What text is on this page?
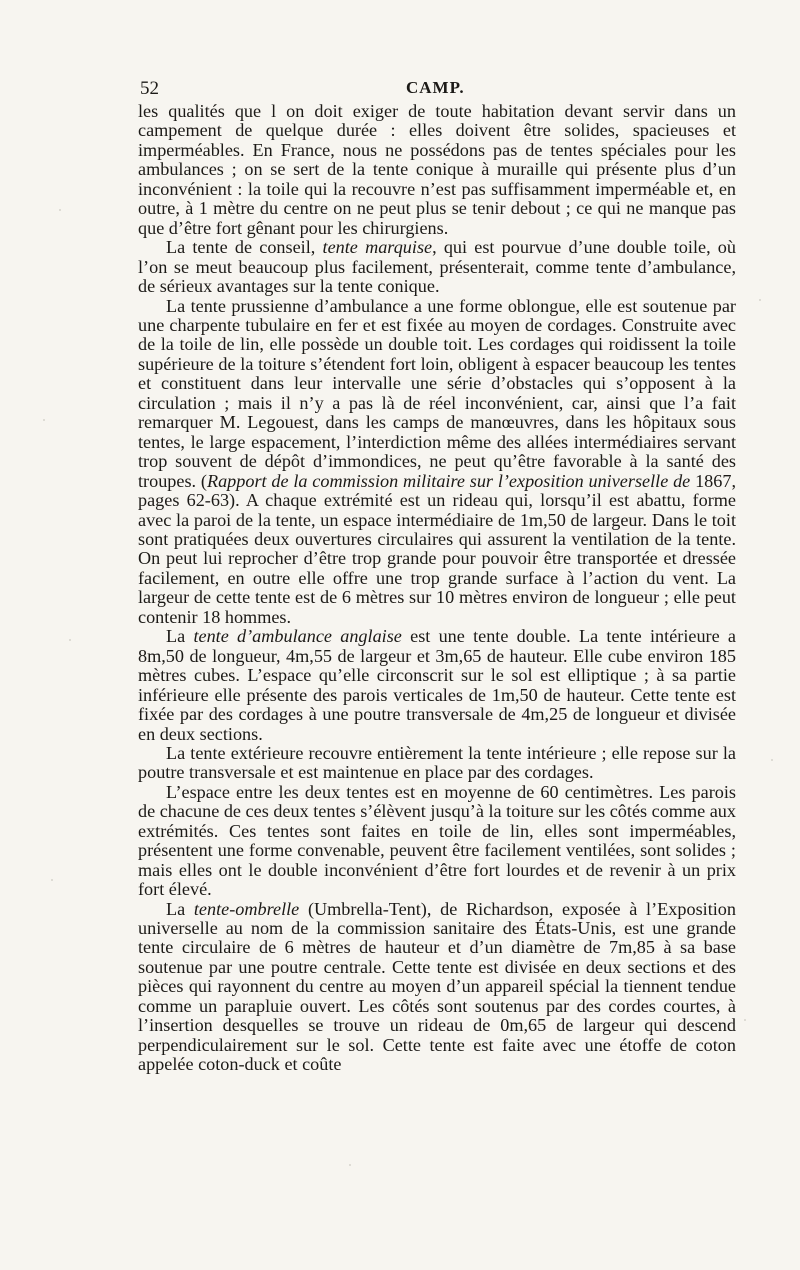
52	CAMP.

les qualités que l on doit exiger de toute habitation devant servir dans un campement de quelque durée : elles doivent être solides, spacieuses et imperméables. En France, nous ne possédons pas de tentes spéciales pour les ambulances ; on se sert de la tente conique à muraille qui présente plus d’un inconvénient : la toile qui la recouvre n’est pas suffisamment imperméable et, en outre, à 1 mètre du centre on ne peut plus se tenir debout ; ce qui ne manque pas que d’être fort gênant pour les chirurgiens.

La tente de conseil, tente marquise, qui est pourvue d’une double toile, où l’on se meut beaucoup plus facilement, présenterait, comme tente d’ambulance, de sérieux avantages sur la tente conique.

La tente prussienne d’ambulance a une forme oblongue, elle est soutenue par une charpente tubulaire en fer et est fixée au moyen de cordages. Construite avec de la toile de lin, elle possède un double toit. Les cordages qui roidissent la toile supérieure de la toiture s’étendent fort loin, obligent à espacer beaucoup les tentes et constituent dans leur intervalle une série d’obstacles qui s’opposent à la circulation ; mais il n’y a pas là de réel inconvénient, car, ainsi que l’a fait remarquer M. Legouest, dans les camps de manœuvres, dans les hôpitaux sous tentes, le large espacement, l’interdiction même des allées intermédiaires servant trop souvent de dépôt d’immondices, ne peut qu’être favorable à la santé des troupes. (Rapport de la commission militaire sur l’exposition universelle de 1867, pages 62-63). A chaque extrémité est un rideau qui, lorsqu’il est abattu, forme avec la paroi de la tente, un espace intermédiaire de 1m,50 de largeur. Dans le toit sont pratiquées deux ouvertures circulaires qui assurent la ventilation de la tente. On peut lui reprocher d’être trop grande pour pouvoir être transportée et dressée facilement, en outre elle offre une trop grande surface à l’action du vent. La largeur de cette tente est de 6 mètres sur 10 mètres environ de longueur ; elle peut contenir 18 hommes.

La tente d’ambulance anglaise est une tente double. La tente intérieure a 8m,50 de longueur, 4m,55 de largeur et 3m,65 de hauteur. Elle cube environ 185 mètres cubes. L’espace qu’elle circonscrit sur le sol est elliptique ; à sa partie inférieure elle présente des parois verticales de 1m,50 de hauteur. Cette tente est fixée par des cordages à une poutre transversale de 4m,25 de longueur et divisée en deux sections.

La tente extérieure recouvre entièrement la tente intérieure ; elle repose sur la poutre transversale et est maintenue en place par des cordages.

L’espace entre les deux tentes est en moyenne de 60 centimètres. Les parois de chacune de ces deux tentes s’élèvent jusqu’à la toiture sur les côtés comme aux extrémités. Ces tentes sont faites en toile de lin, elles sont imperméables, présentent une forme convenable, peuvent être facilement ventilées, sont solides ; mais elles ont le double inconvénient d’être fort lourdes et de revenir à un prix fort élevé.

La tente-ombrelle (Umbrella-Tent), de Richardson, exposée à l’Exposition universelle au nom de la commission sanitaire des États-Unis, est une grande tente circulaire de 6 mètres de hauteur et d’un diamètre de 7m,85 à sa base soutenue par une poutre centrale. Cette tente est divisée en deux sections et des pièces qui rayonnent du centre au moyen d’un appareil spécial la tiennent tendue comme un parapluie ouvert. Les côtés sont soutenus par des cordes courtes, à l’insertion desquelles se trouve un rideau de 0m,65 de largeur qui descend perpendiculairement sur le sol. Cette tente est faite avec une étoffe de coton appelée coton-duck et coûte
